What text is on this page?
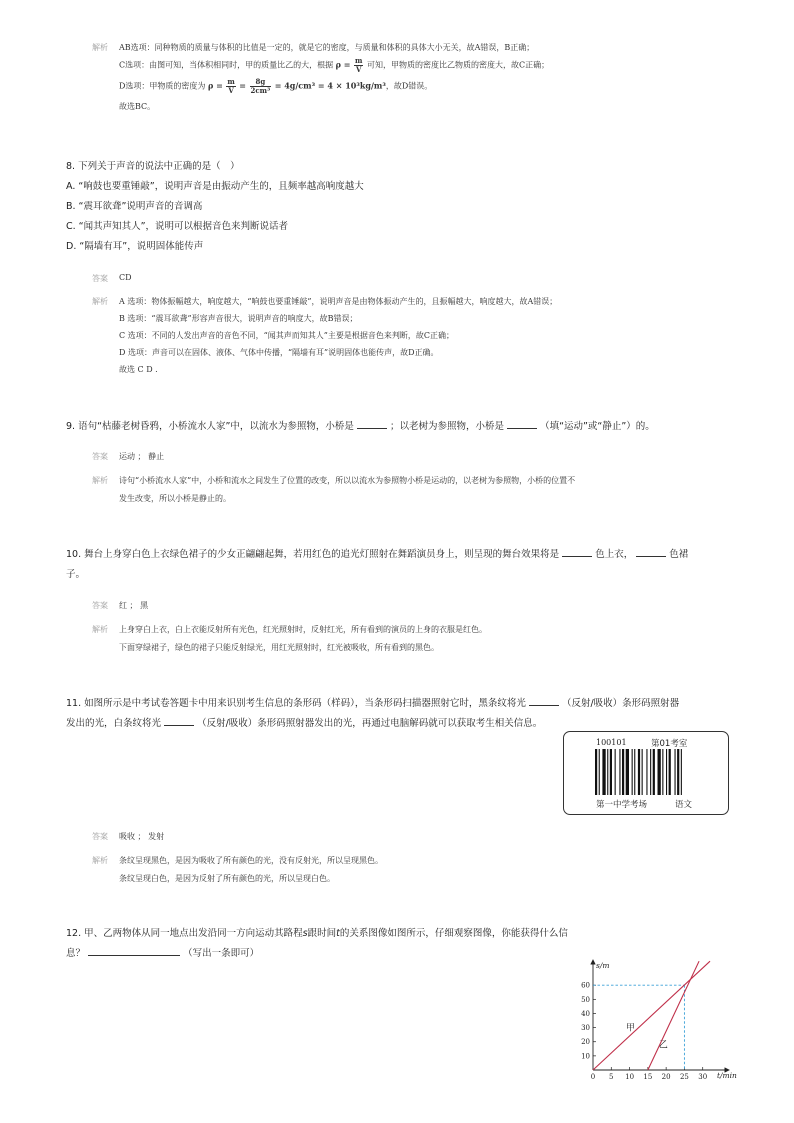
解析 AB选项：同种物质的质量与体积的比值是一定的，就是它的密度，与质量和体积的具体大小无关，故A错误，B正确；
C选项：由图可知，当体积相同时，甲的质量比乙的大，根据 $\rho = \frac{m}{V}$ 可知，甲物质的密度比乙物质的密度大，故C正确；
D选项：甲物质的密度为 $\rho = \frac{m}{V} = \frac{8g}{\text{2cm³}} = 4g/cm^3 = 4 \times 10^3kg/m^3$，故D错误。
故选BC。
8. 下列关于声音的说法中正确的是（　）
A. “响鼓也要重锤敲”，说明声音是由振动产生的，且频率越高响度越大
B. “震耳欲聋”说明声音的音调高
C. “闻其声知其人”，说明可以根据音色来判断说话者
D. “隔墙有耳”，说明固体能传声
答案 CD
解析 A 选项：物体振幅越大，响度越大，“响鼓也要重锤敲”，说明声音是由物体振动产生的，且振幅越大，响度越大，故A错误；
B 选项：“震耳欲聋”形容声音很大，说明声音的响度大，故B错误；
C 选项：不同的人发出声音的音色不同，“闻其声而知其人”主要是根据音色来判断，故C正确；
D 选项：声音可以在固体、液体、气体中传播，“隔墙有耳”说明固体也能传声，故D正确。
故选 C D .
9. 语句“枯藤老树昏鸦，小桥流水人家”中，以流水为参照物，小桥是	；以老树为参照物，小桥是	（填“运动”或“静止”）的。
答案 运动 ； 静止
解析 诗句“小桥流水人家”中，小桥和流水之间发生了位置的改变，所以以流水为参照物小桥是运动的，以老树为参照物，小桥的位置不
发生改变，所以小桥是静止的。
10. 舞台上身穿白色上衣绿色裙子的少女正翩翩起舞，若用红色的追光灯照射在舞蹈演员身上，则呈现的舞台效果将是	色上衣，	色裙
子。
答案 红 ； 黑
解析 上身穿白上衣，白上衣能反射所有光色，红光照射时，反射红光，所有看到的演员的上身的衣服是红色。
下面穿绿裙子，绿色的裙子只能反射绿光，用红光照射时，红光被吸收，所有看到的黑色。
11. 如图所示是中考试卷答题卡中用来识别考生信息的条形码（样码），当条形码扫描器照射它时，黑条纹将光	（反射/吸收）条形码照射器
发出的光，白条纹将光	（反射/吸收）条形码照射器发出的光，再通过电脑解码就可以获取考生相关信息。
100101	第01考室
第一中学考场	语文
答案 吸收 ； 发射
解析 条纹呈现黑色，是因为吸收了所有颜色的光，没有反射光，所以呈现黑色。
条纹呈现白色，是因为反射了所有颜色的光，所以呈现白色。
12. 甲、乙两物体从同一地点出发沿同一方向运动其路程s跟时间t的关系图像如图所示，仔细观察图像，你能获得什么信
息？	（写出一条即可）
10
20
30
40
50
60
0 5 10 15 20 25 30
s/m
t/min
甲
乙
